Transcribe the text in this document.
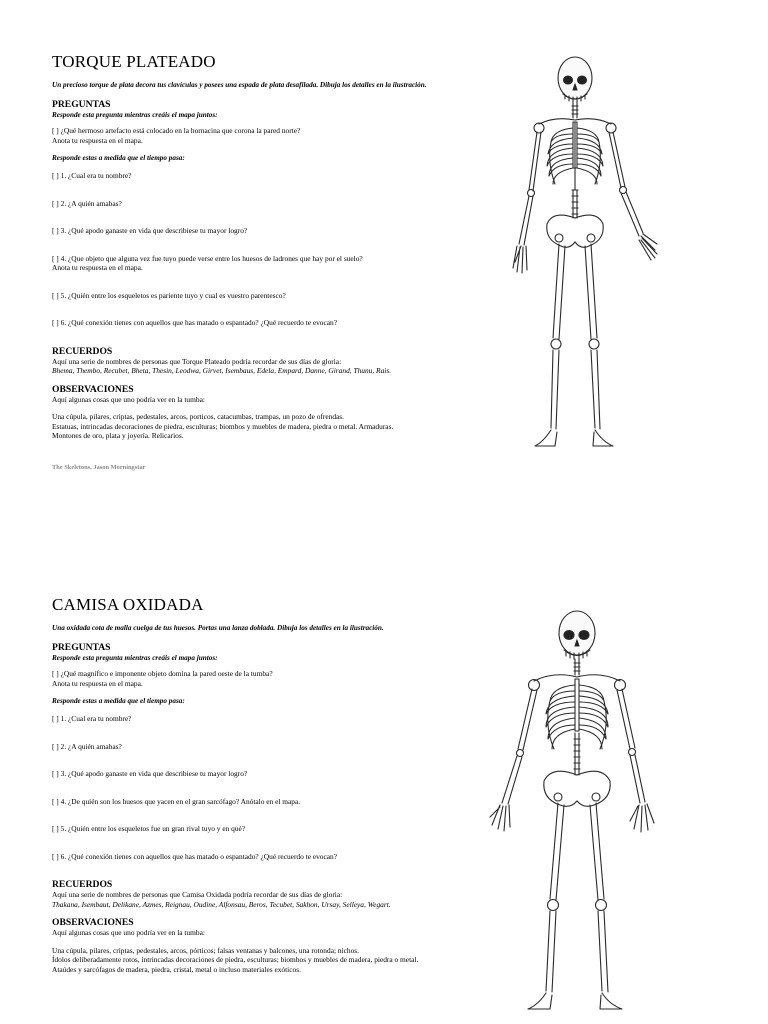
TORQUE PLATEADO
Un precioso torque de plata decora tus clavículas y posees una espada de plata desafilada. Dibuja los detalles en la ilustración.
PREGUNTAS
Responde esta pregunta mientras creáis el mapa juntos:
[ ] ¿Qué hermoso artefacto está colocado en la hornacina que corona la pared norte?
Anota tu respuesta en el mapa.
Responde estas a medida que el tiempo pasa:
[ ] 1. ¿Cual era tu nombre?
[ ] 2. ¿A quién amabas?
[ ] 3. ¿Qué apodo ganaste en vida que describiese tu mayor logro?
[ ] 4. ¿Que objeto que alguna vez fue tuyo puede verse entre los huesos de ladrones que hay por el suelo?
Anota tu respuesta en el mapa.
[ ] 5. ¿Quién entre los esqueletos es pariente tuyo y cual es vuestro parentesco?
[ ] 6. ¿Qué conexión tienes con aquellos que has matado o espantado? ¿Qué recuerdo te evocan?
RECUERDOS
Aquí una serie de nombres de personas que Torque Plateado podría recordar de sus días de gloria:
Bhema, Thembo, Recubet, Bheta, Thesin, Leodwa, Girvet, Isembaus, Edela, Empard, Danne, Girand, Thunu, Rais.
OBSERVACIONES
Aquí algunas cosas que uno podría ver en la tumba:
Una cúpula, pilares, criptas, pedestales, arcos, porticos, catacumbas, trampas, un pozo de ofrendas.
Estatuas, intrincadas decoraciones de piedra, esculturas; biombos y muebles de madera, piedra o metal. Armaduras.
Montones de oro, plata y joyería. Relicarios.
The Skeletons, Jason Morningstar
CAMISA OXIDADA
Una oxidada cota de malla cuelga de tus huesos. Portas una lanza doblada. Dibuja los detalles en la ilustración.
PREGUNTAS
Responde esta pregunta mientras creáis el mapa juntos:
[ ] ¿Qué magnífico e imponente objeto domina la pared oeste de la tumba?
Anota tu respuesta en el mapa.
Responde estas a medida que el tiempo pasa:
[ ] 1. ¿Cual era tu nombre?
[ ] 2. ¿A quién amabas?
[ ] 3. ¿Qué apodo ganaste en vida que describiese tu mayor logro?
[ ] 4. ¿De quién son los huesos que yacen en el gran sarcófago? Anótalo en el mapa.
[ ] 5. ¿Quién entre los esqueletos fue un gran rival tuyo y en qué?
[ ] 6. ¿Qué conexión tienes con aquellos que has matado o espantado? ¿Qué recuerdo te evocan?
RECUERDOS
Aquí una serie de nombres de personas que Camisa Oxidada podría recordar de sus días de gloria:
Thakana, Isembaut, Delikane, Azmes, Reignau, Oudine, Alfonsau, Beros, Tecubet, Sakhon, Ursay, Selleya, Wegart.
OBSERVACIONES
Aquí algunas cosas que uno podría ver en la tumba:
Una cúpula, pilares, criptas, pedestales, arcos, pórticos; falsas ventanas y balcones, una rotonda; nichos.
Ídolos deliberadamente rotos, intrincadas decoraciones de piedra, esculturas; biombos y muebles de madera, piedra o metal.
Ataúdes y sarcófagos de madera, piedra, cristal, metal o incluso materiales exóticos.
